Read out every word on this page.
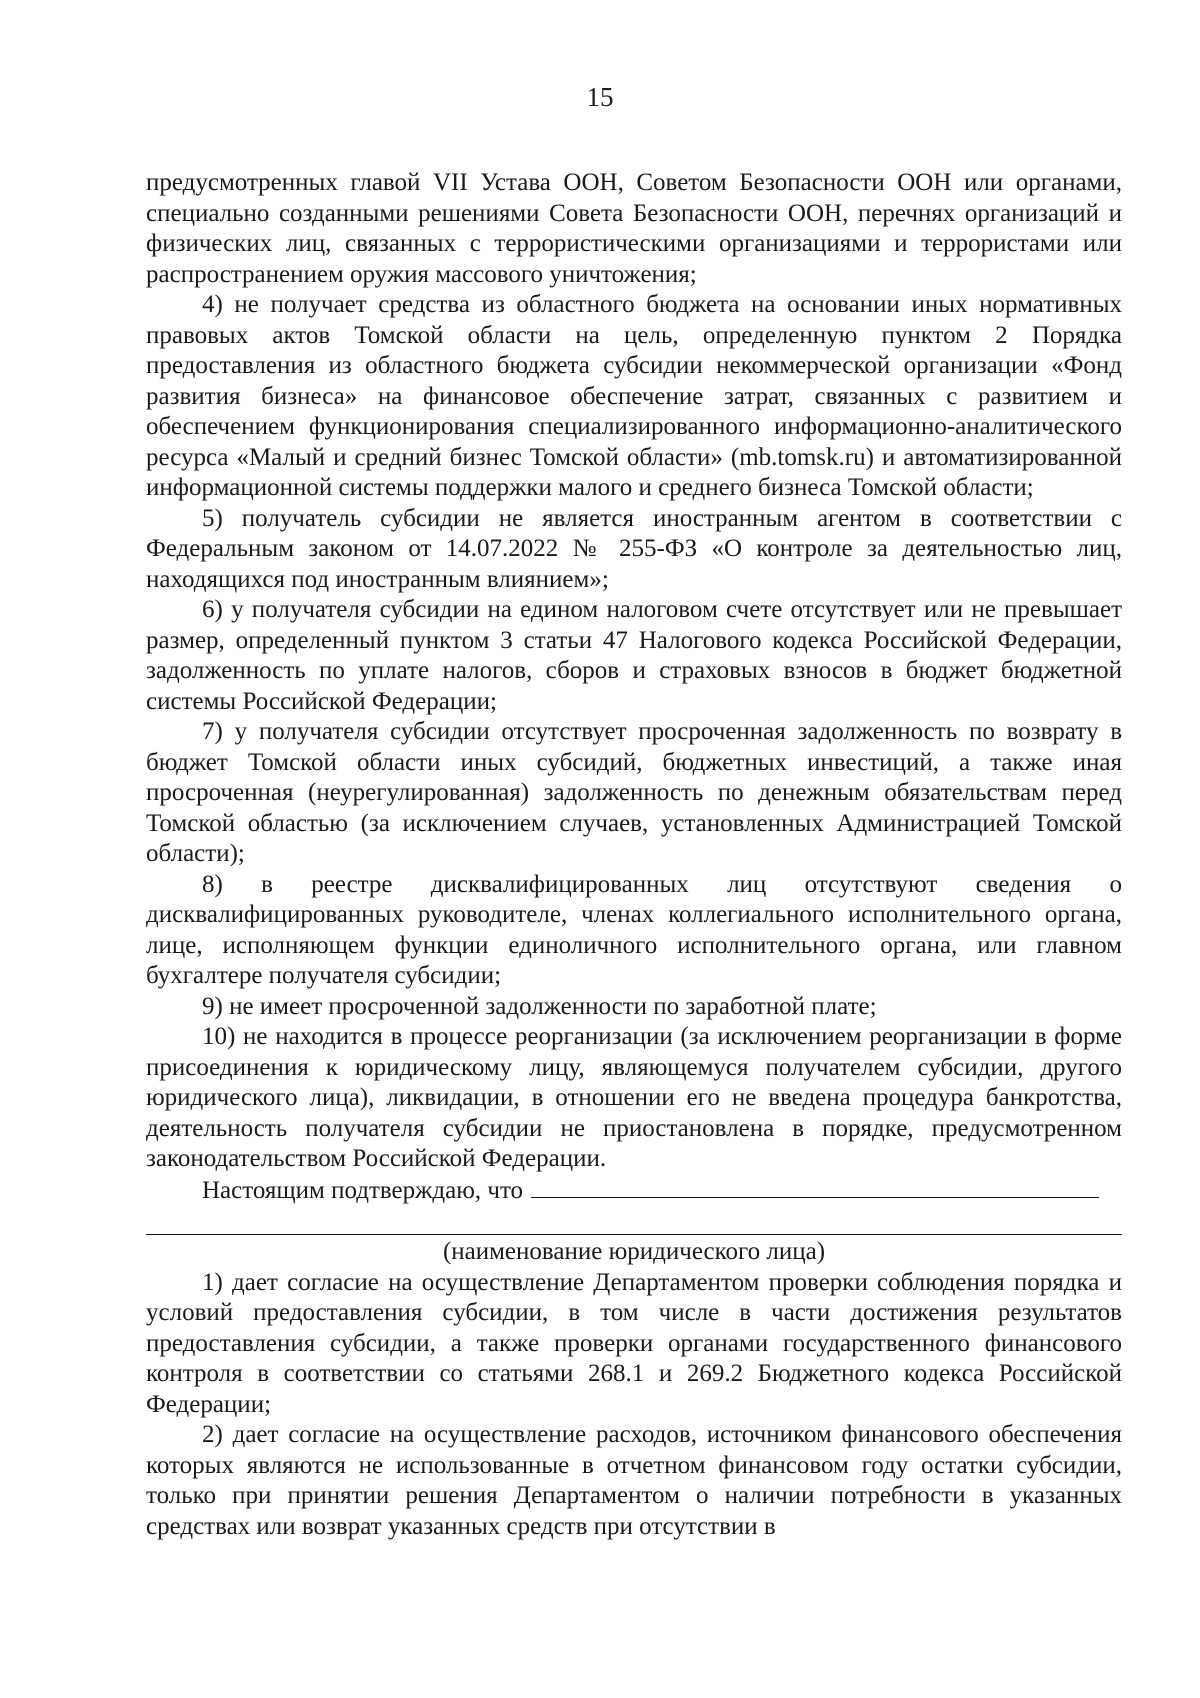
15

предусмотренных главой VII Устава ООН, Советом Безопасности ООН или органами, специально созданными решениями Совета Безопасности ООН, перечнях организаций и физических лиц, связанных с террористическими организациями и террористами или распространением оружия массового уничтожения;

4) не получает средства из областного бюджета на основании иных нормативных правовых актов Томской области на цель, определенную пунктом 2 Порядка предоставления из областного бюджета субсидии некоммерческой организации «Фонд развития бизнеса» на финансовое обеспечение затрат, связанных с развитием и обеспечением функционирования специализированного информационно-аналитического ресурса «Малый и средний бизнес Томской области» (mb.tomsk.ru) и автоматизированной информационной системы поддержки малого и среднего бизнеса Томской области;

5) получатель субсидии не является иностранным агентом в соответствии с Федеральным законом от 14.07.2022 № 255-ФЗ «О контроле за деятельностью лиц, находящихся под иностранным влиянием»;

6) у получателя субсидии на едином налоговом счете отсутствует или не превышает размер, определенный пунктом 3 статьи 47 Налогового кодекса Российской Федерации, задолженность по уплате налогов, сборов и страховых взносов в бюджет бюджетной системы Российской Федерации;

7) у получателя субсидии отсутствует просроченная задолженность по возврату в бюджет Томской области иных субсидий, бюджетных инвестиций, а также иная просроченная (неурегулированная) задолженность по денежным обязательствам перед Томской областью (за исключением случаев, установленных Администрацией Томской области);

8) в реестре дисквалифицированных лиц отсутствуют сведения о дисквалифицированных руководителе, членах коллегиального исполнительного органа, лице, исполняющем функции единоличного исполнительного органа, или главном бухгалтере получателя субсидии;

9) не имеет просроченной задолженности по заработной плате;

10) не находится в процессе реорганизации (за исключением реорганизации в форме присоединения к юридическому лицу, являющемуся получателем субсидии, другого юридического лица), ликвидации, в отношении его не введена процедура банкротства, деятельность получателя субсидии не приостановлена в порядке, предусмотренном законодательством Российской Федерации.

Настоящим подтверждаю, что

(наименование юридического лица)

1) дает согласие на осуществление Департаментом проверки соблюдения порядка и условий предоставления субсидии, в том числе в части достижения результатов предоставления субсидии, а также проверки органами государственного финансового контроля в соответствии со статьями 268.1 и 269.2 Бюджетного кодекса Российской Федерации;

2) дает согласие на осуществление расходов, источником финансового обеспечения которых являются не использованные в отчетном финансовом году остатки субсидии, только при принятии решения Департаментом о наличии потребности в указанных средствах или возврат указанных средств при отсутствии в
